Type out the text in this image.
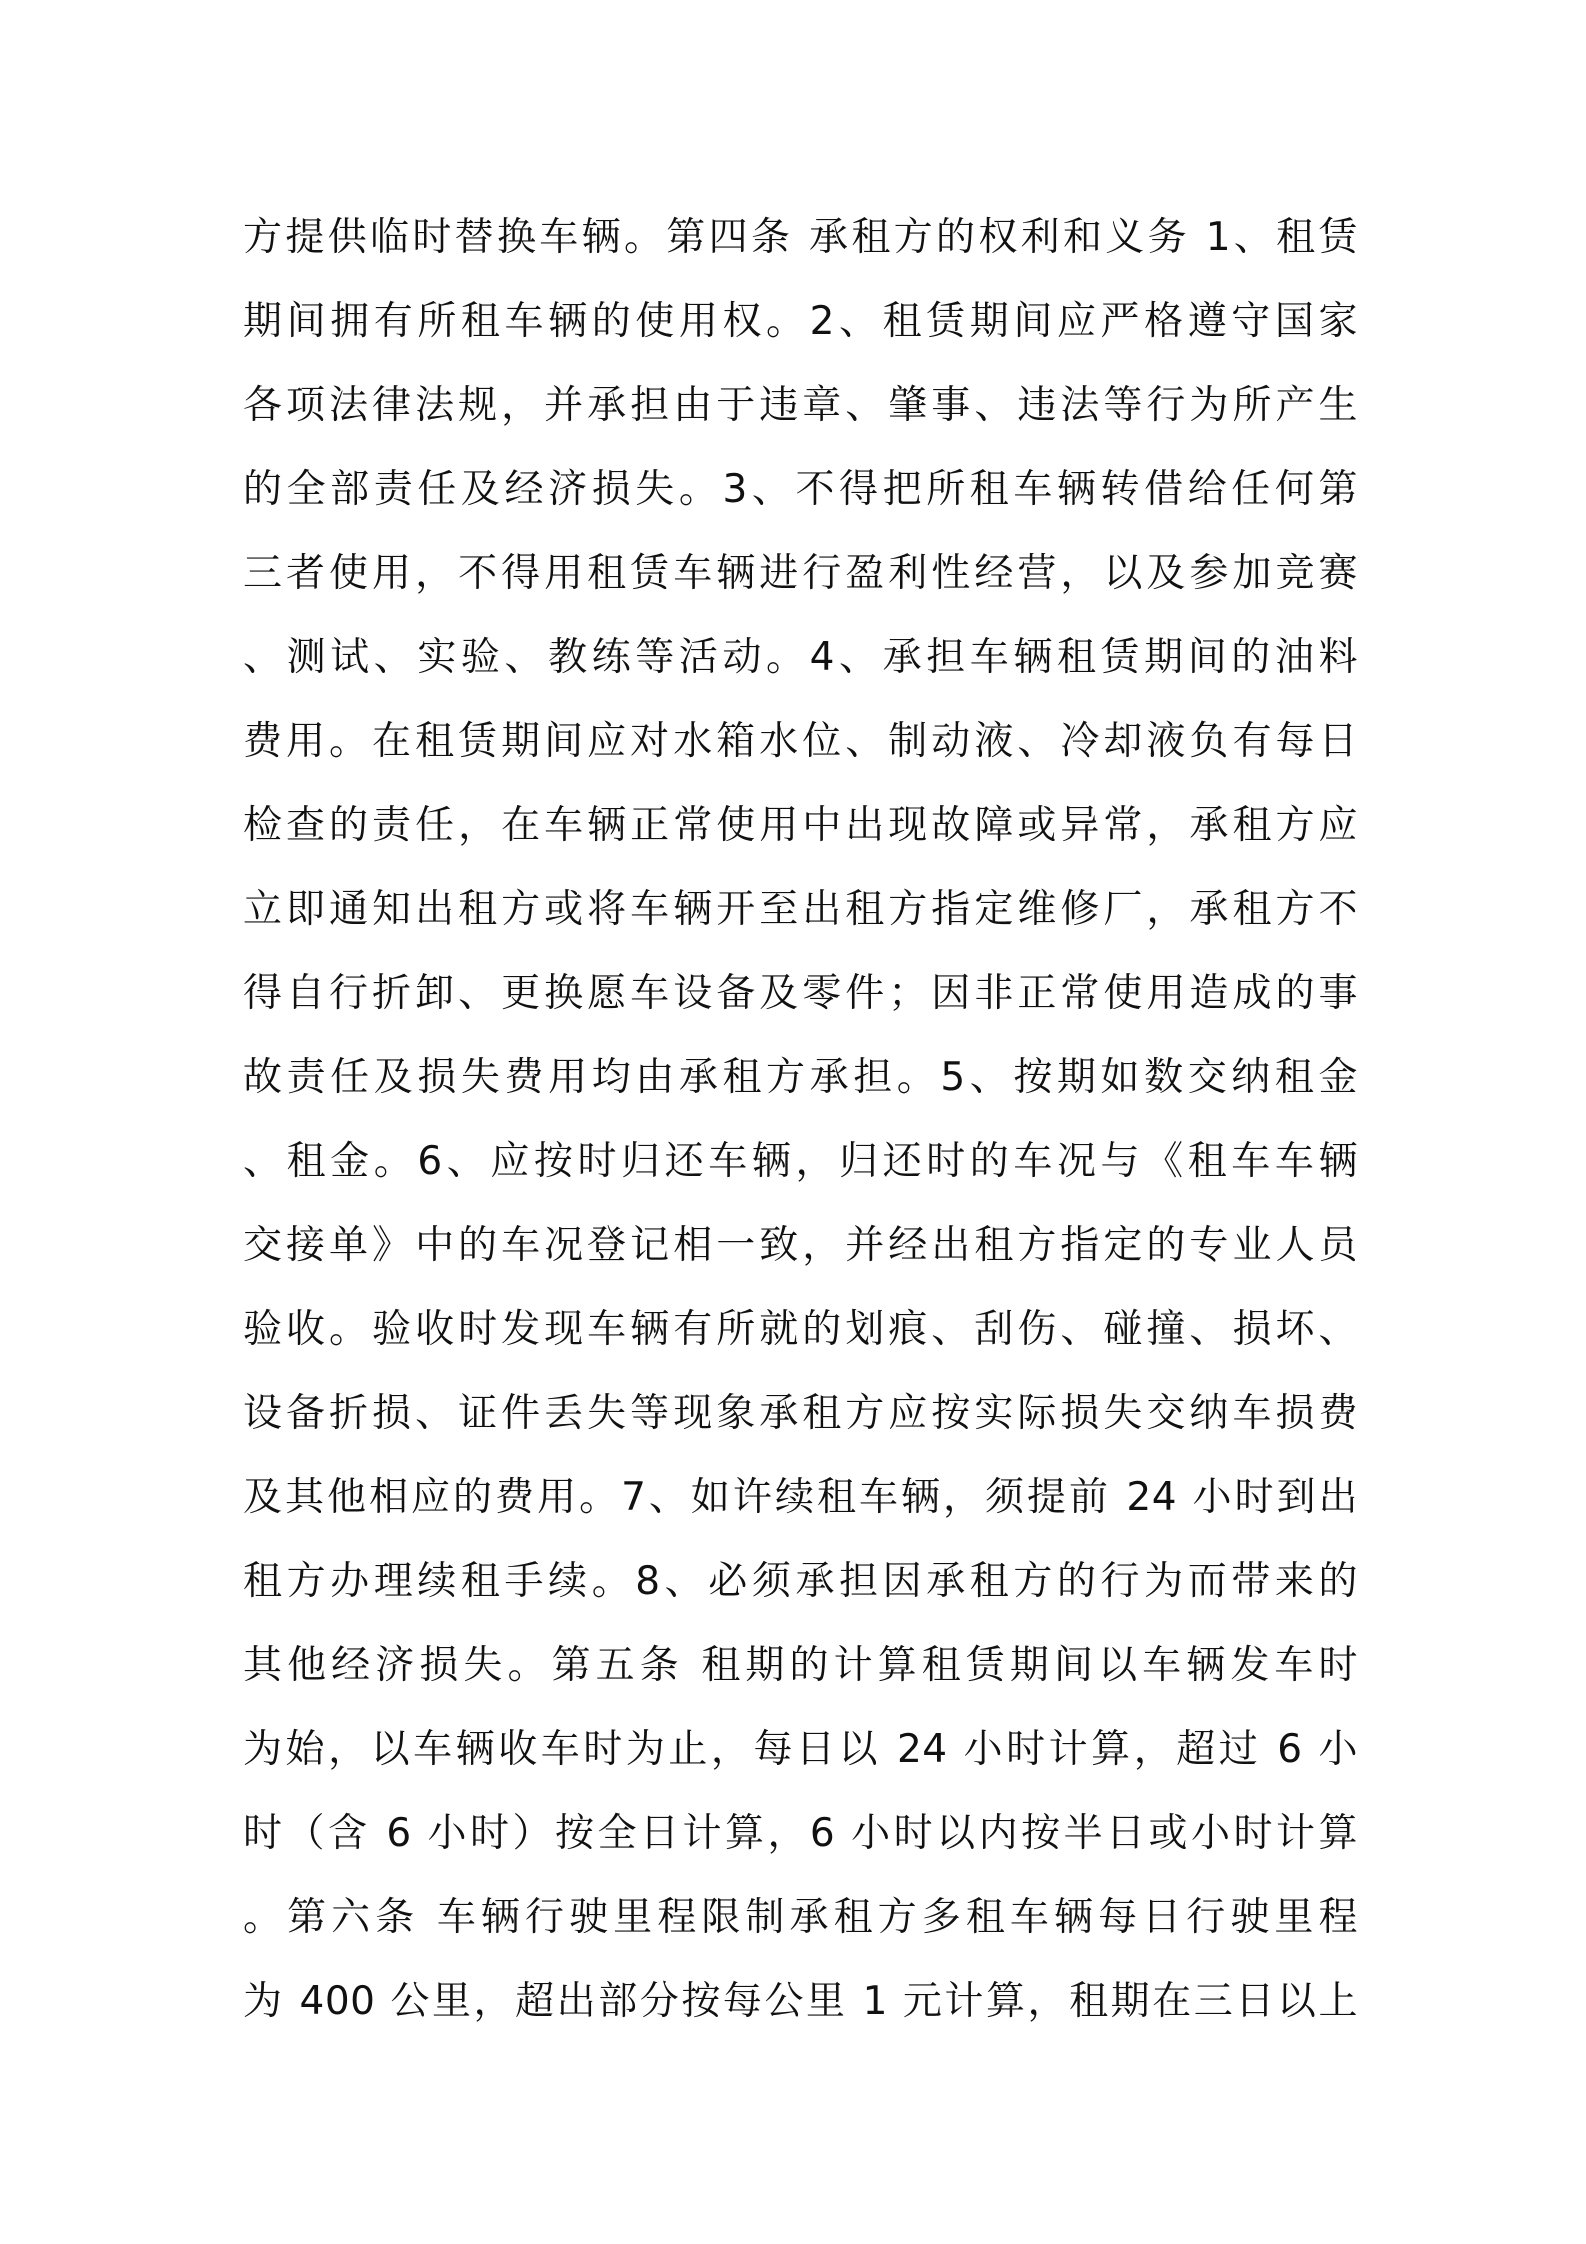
方提供临时替换车辆。第四条 承租方的权利和义务 1、租赁
期间拥有所租车辆的使用权。2、租赁期间应严格遵守国家
各项法律法规，并承担由于违章、肇事、违法等行为所产生
的全部责任及经济损失。3、不得把所租车辆转借给任何第
三者使用，不得用租赁车辆进行盈利性经营，以及参加竞赛
、测试、实验、教练等活动。4、承担车辆租赁期间的油料
费用。在租赁期间应对水箱水位、制动液、冷却液负有每日
检查的责任，在车辆正常使用中出现故障或异常，承租方应
立即通知出租方或将车辆开至出租方指定维修厂，承租方不
得自行折卸、更换愿车设备及零件；因非正常使用造成的事
故责任及损失费用均由承租方承担。5、按期如数交纳租金
、租金。6、应按时归还车辆，归还时的车况与《租车车辆
交接单》中的车况登记相一致，并经出租方指定的专业人员
验收。验收时发现车辆有所就的划痕、刮伤、碰撞、损坏、
设备折损、证件丢失等现象承租方应按实际损失交纳车损费
及其他相应的费用。7、如许续租车辆，须提前 24 小时到出
租方办理续租手续。8、必须承担因承租方的行为而带来的
其他经济损失。第五条 租期的计算租赁期间以车辆发车时
为始，以车辆收车时为止，每日以 24 小时计算，超过 6 小
时（含 6 小时）按全日计算，6 小时以内按半日或小时计算
。第六条 车辆行驶里程限制承租方多租车辆每日行驶里程
为 400 公里，超出部分按每公里 1 元计算，租期在三日以上
